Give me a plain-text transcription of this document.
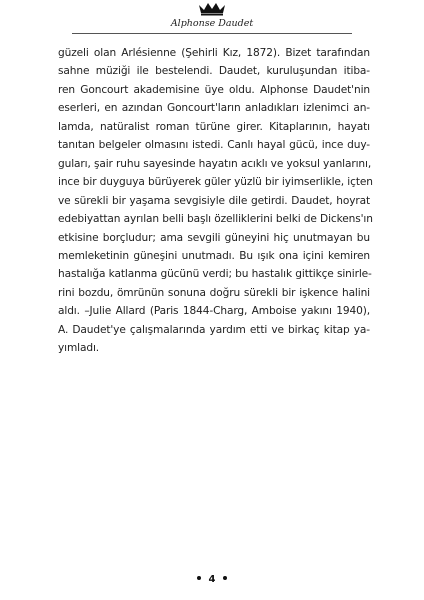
Alphonse Daudet
güzeli olan Arlésienne (Şehirli Kız, 1872). Bizet tarafından
sahne müziği ile bestelendi. Daudet, kuruluşundan itiba-
ren Goncourt akademisine üye oldu. Alphonse Daudet'nin
eserleri, en azından Goncourt'ların anladıkları izlenimci an-
lamda, natüralist roman türüne girer. Kitaplarının, hayatı
tanıtan belgeler olmasını istedi. Canlı hayal gücü, ince duy-
guları, şair ruhu sayesinde hayatın acıklı ve yoksul yanlarını,
ince bir duyguya bürüyerek güler yüzlü bir iyimserlikle, içten
ve sürekli bir yaşama sevgisiyle dile getirdi. Daudet, hoyrat
edebiyattan ayrılan belli başlı özelliklerini belki de Dickens'ın
etkisine borçludur; ama sevgili güneyini hiç unutmayan bu
memleketinin güneşini unutmadı. Bu ışık ona içini kemiren
hastalığa katlanma gücünü verdi; bu hastalık gittikçe sinirle-
rini bozdu, ömrünün sonuna doğru sürekli bir işkence halini
aldı. –Julie Allard (Paris 1844-Charg, Amboise yakını 1940),
A. Daudet'ye çalışmalarında yardım etti ve birkaç kitap ya-
yımladı.
4
